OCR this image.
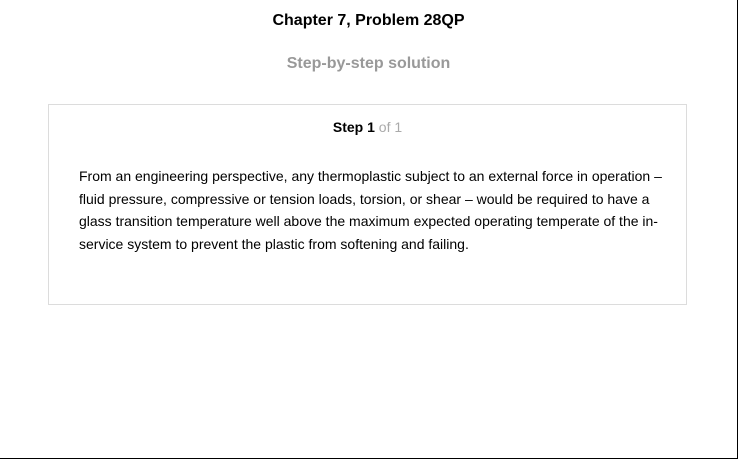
Chapter 7, Problem 28QP
Step-by-step solution
Step 1 of 1
From an engineering perspective, any thermoplastic subject to an external force in operation – fluid pressure, compressive or tension loads, torsion, or shear – would be required to have a glass transition temperature well above the maximum expected operating temperate of the in-service system to prevent the plastic from softening and failing.
